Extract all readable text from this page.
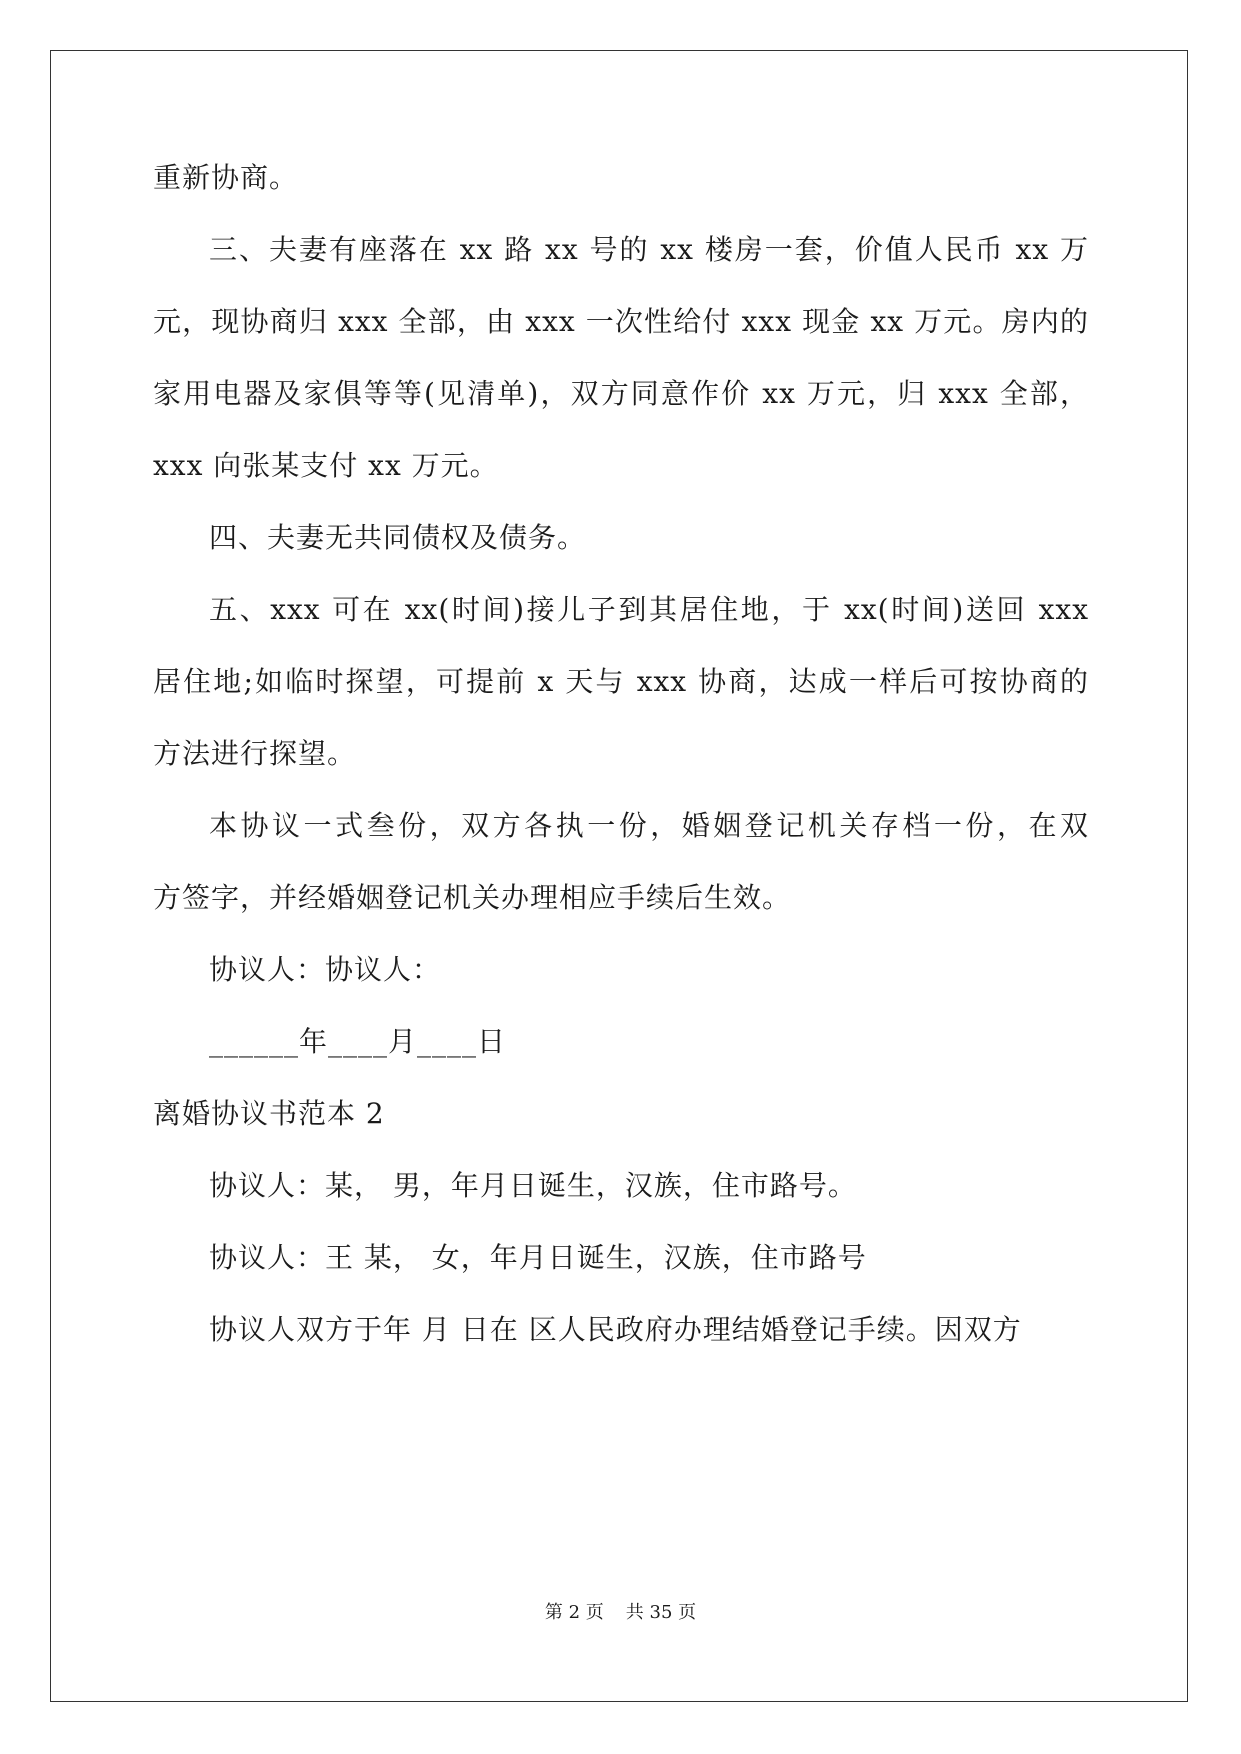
重新协商。
三、夫妻有座落在 xx 路 xx 号的 xx 楼房一套，价值人民币 xx 万
元，现协商归 xxx 全部，由 xxx 一次性给付 xxx 现金 xx 万元。房内的
家用电器及家俱等等(见清单)，双方同意作价 xx 万元，归 xxx 全部，
xxx 向张某支付 xx 万元。
四、夫妻无共同债权及债务。
五、xxx 可在 xx(时间)接儿子到其居住地，于 xx(时间)送回 xxx
居住地;如临时探望，可提前 x 天与 xxx 协商，达成一样后可按协商的
方法进行探望。
本协议一式叁份，双方各执一份，婚姻登记机关存档一份，在双
方签字，并经婚姻登记机关办理相应手续后生效。
协议人：协议人：
______年____月____日
离婚协议书范本 2
协议人：某， 男，年月日诞生，汉族，住市路号。
协议人：王 某， 女，年月日诞生，汉族，住市路号
协议人双方于年 月 日在 区人民政府办理结婚登记手续。因双方
第 2 页 共 35 页
